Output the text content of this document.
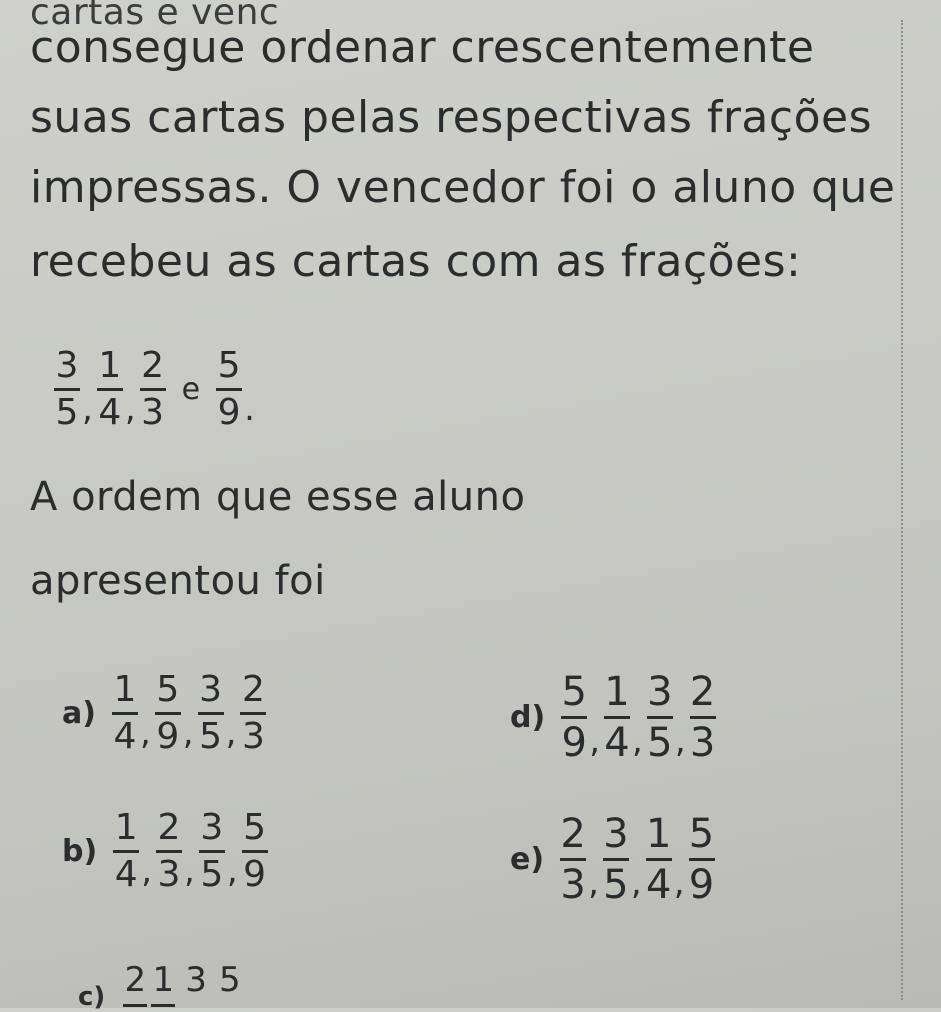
cartas e venc
consegue ordenar crescentemente
suas cartas pelas respectivas frações
impressas. O vencedor foi o aluno que
recebeu as cartas com as frações:
$\frac{3}{5}$ , $\frac{1}{4}$ , $\frac{2}{3}$ e $\frac{5}{9}$ .
A ordem que esse aluno
apresentou foi
$a) \frac{1}{4}$ , $\frac{5}{9}$ , $\frac{3}{5}$ , $\frac{2}{3}$	$d) \frac{5}{9}$ , $\frac{1}{4}$ , $\frac{3}{5}$ , $\frac{2}{3}$
$b) \frac{1}{4}$ , $\frac{2}{3}$ , $\frac{3}{5}$ , $\frac{5}{9}$	$e) \frac{2}{3}$ , $\frac{3}{5}$ , $\frac{1}{4}$ , $\frac{5}{9}$
c) 2 1 3 5
